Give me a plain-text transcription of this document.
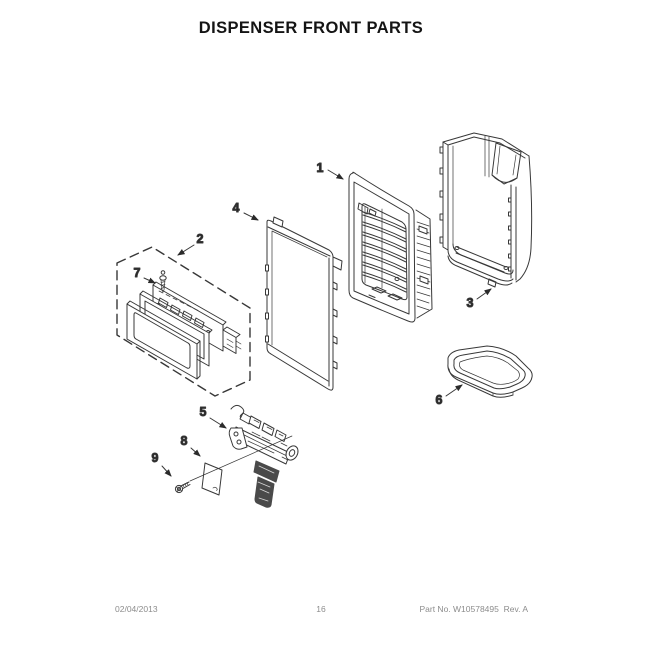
DISPENSER FRONT PARTS
1
2
3
4
5
6
7
8
9
02/04/2013	16	Part No. W10578495  Rev. A
